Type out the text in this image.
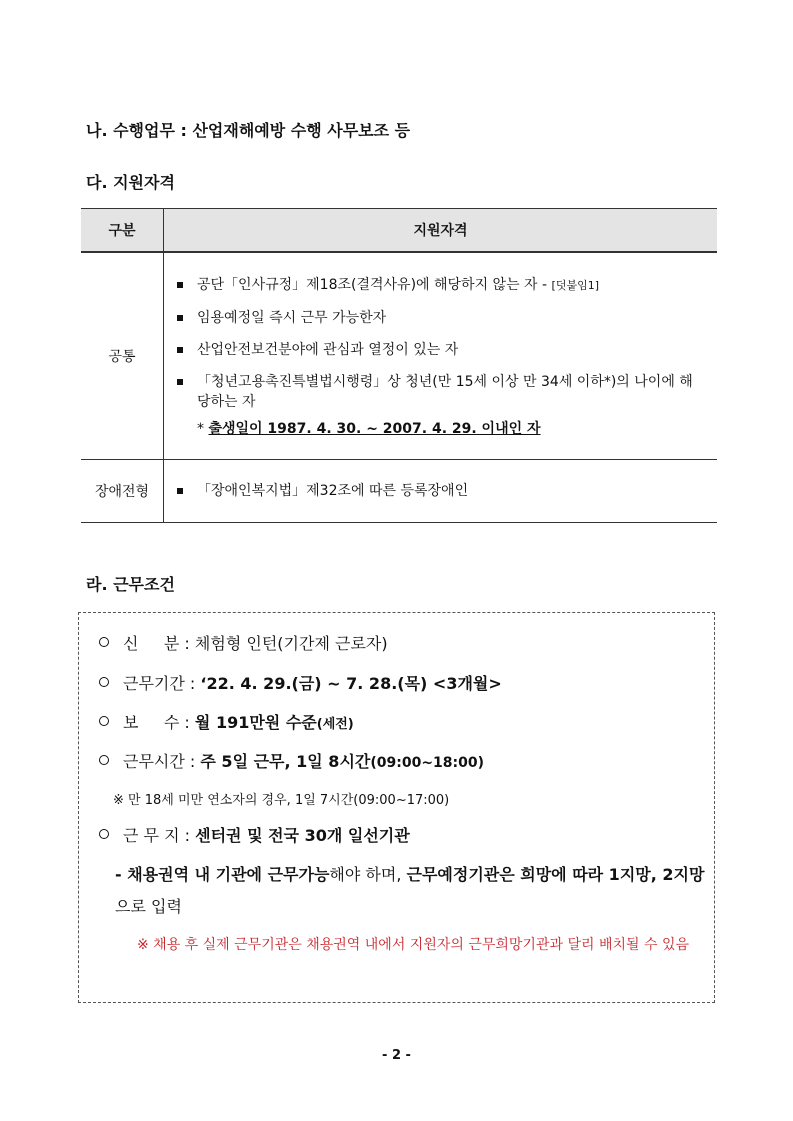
나. 수행업무 : 산업재해예방 수행 사무보조 등
다. 지원자격
구분	지원자격
공통	공단「인사규정」제18조(결격사유)에 해당하지 않는 자 - [덧붙임1]
임용예정일 즉시 근무 가능한자
산업안전보건분야에 관심과 열정이 있는 자
「청년고용촉진특별법시행령」상 청년(만 15세 이상 만 34세 이하*)의 나이에 해당하는 자
* 출생일이 1987. 4. 30. ~ 2007. 4. 29. 이내인 자

장애전형	「장애인복지법」제32조에 따른 등록장애인
라. 근무조건
신     분 : 체험형 인턴(기간제 근로자)
근무기간 : ‘22. 4. 29.(금) ~ 7. 28.(목) <3개월>
보     수 : 월 191만원 수준(세전)
근무시간 : 주 5일 근무, 1일 8시간(09:00~18:00)
※ 만 18세 미만 연소자의 경우, 1일 7시간(09:00~17:00)
근 무 지 : 센터권 및 전국 30개 일선기관
- 채용권역 내 기관에 근무가능해야 하며, 근무예정기관은 희망에 따라 1지망, 2지망으로 입력
※ 채용 후 실제 근무기관은 채용권역 내에서 지원자의 근무희망기관과 달리 배치될 수 있음
- 2 -
